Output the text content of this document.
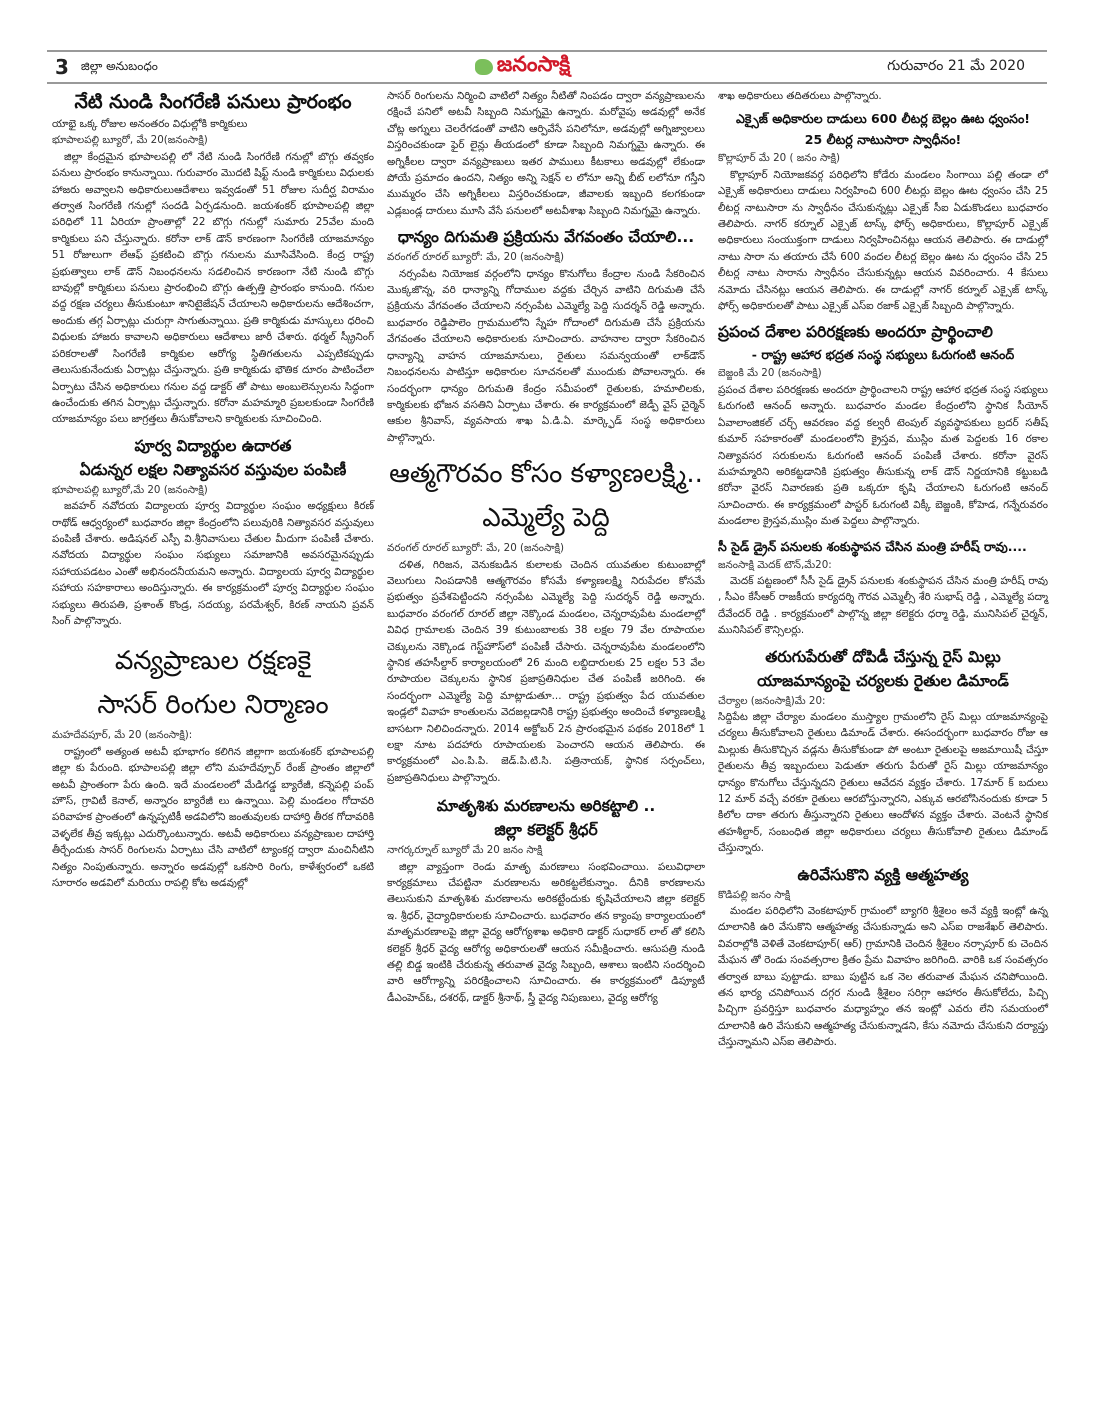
3 జిల్లా అనుబంధం	జనంసాక్షి	గురువారం 21 మే 2020
నేటి నుండి సింగరేణి పనులు ప్రారంభం
యాభై ఒక్క రోజుల అనంతరం విధుల్లోకి కార్మికులు
భూపాలపల్లి బ్యూరో, మే 20(జనంసాక్షి)

జిల్లా కేంద్రమైన భూపాలపల్లి లో నేటి నుండి సింగరేణి గనుల్లో బొగ్గు తవ్వకం పనులు ప్రారంభం కానున్నాయి. గురువారం మొదటి షిఫ్ట్ నుండి కార్మికులు విధులకు హాజరు అవ్వాలని అధికారులుఆదేశాలు ఇవ్వడంతో 51 రోజుల సుదీర్ఘ విరామం తర్వాత సింగరేణి గనుల్లో సందడి ఏర్పడనుంది. జయశంకర్ భూపాలపల్లి జిల్లా పరిధిలో 11 ఏరియా ప్రాంతాల్లో 22 బొగ్గు గనుల్లో సుమారు 25వేల మంది కార్మికులు పని చేస్తున్నారు. కరోనా లాక్ డౌన్ కారణంగా సింగరేణి యాజమాన్యం 51 రోజులుగా లేఆఫ్ ప్రకటించి బొగ్గు గనులను మూసివేసింది. కేంద్ర రాష్ట్ర ప్రభుత్వాలు లాక్ డౌన్ నిబంధనలను సడలించిన కారణంగా నేటి నుండి బొగ్గు బావుల్లో కార్మికులు పనులు ప్రారంభించి బొగ్గు ఉత్పత్తి ప్రారంభం కానుంది. గనుల వద్ద రక్షణ చర్యలు తీసుకుంటూ శానిటైజేషన్ చేయాలని అధికారులను ఆదేశించగా, అందుకు తగ్గ ఏర్పాట్లు చురుగ్గా సాగుతున్నాయి. ప్రతి కార్మికుడు మాస్కులు ధరించి విధులకు హాజరు కావాలని అధికారులు ఆదేశాలు జారీ చేశారు. థర్మల్ స్క్రీనింగ్ పరికరాలతో సింగరేణి కార్మికుల ఆరోగ్య స్థితిగతులను ఎప్పటికప్పుడు తెలుసుకునేందుకు ఏర్పాట్లు చేస్తున్నారు. ప్రతి కార్మికుడు భౌతిక దూరం పాటించేలా ఏర్పాటు చేసిన అధికారులు గనుల వద్ద డాక్టర్ తో పాటు అంబులెన్సులను సిద్ధంగా ఉంచేందుకు తగిన ఏర్పాట్లు చేస్తున్నారు. కరోనా మహమ్మారి ప్రబలకుండా సింగరేణి యాజమాన్యం పలు జాగ్రత్తలు తీసుకోవాలని కార్మికులకు సూచించింది.

పూర్వ విద్యార్థుల ఉదారత
ఏడున్నర లక్షల నిత్యావసర వస్తువుల పంపిణీ
భూపాలపల్లి బ్యూరో,మే 20 (జనంసాక్షి)

జవహర్ నవోదయ విద్యాలయ పూర్వ విద్యార్థుల సంఘం అధ్యక్షులు కిరణ్ రాథోడ్ ఆధ్వర్యంలో బుధవారం జిల్లా కేంద్రంలోని పలువురికి నిత్యావసర వస్తువులు పంపిణీ చేశారు. అడిషనల్ ఎస్పీ వి.శ్రీనివాసులు చేతుల మీదుగా పంపిణీ చేశారు. నవోదయ విద్యార్థుల సంఘం సభ్యులు సమాజానికి అవసరమైనప్పుడు సహాయపడటం ఎంతో అభినందనీయమని అన్నారు. విద్యాలయ పూర్వ విద్యార్థుల సహాయ సహకారాలు అందిస్తున్నారు. ఈ కార్యక్రమంలో పూర్వ విద్యార్థుల సంఘం సభ్యులు తిరుపతి, ప్రశాంత్ కొండ్ర, సదయ్య, పరమేశ్వర్, కిరణ్ నాయని ప్రవన్ సింగ్ పాల్గొన్నారు.

వన్యప్రాణుల రక్షణకై
సాసర్ రింగుల నిర్మాణం
మహదేవపూర్, మే 20 (జనంసాక్షి):

రాష్ట్రంలో అత్యంత అటవీ భూభాగం కలిగిన జిల్లాగా జయశంకర్ భూపాలపల్లి జిల్లా కు పేరుంది. భూపాలపల్లి జిల్లా లోని మహదేవ్పూర్ రేంజ్ ప్రాంతం జిల్లాలో అటవీ ప్రాంతంగా పేరు ఉంది. ఇదే మండలంలో మేడిగడ్డ బ్యారేజీ, కన్నెపల్లి పంప్ హౌస్, గ్రావిటీ కెనాల్, అన్నారం బ్యారేజీ లు ఉన్నాయి. పెల్లి మండలం గోదావరి పరివాహక ప్రాంతంలో ఉన్నప్పటికీ అడవిలోని జంతువులకు దాహార్తి తీరక గోదావరికి వెళ్ళలేక తీవ్ర ఇక్కట్లు ఎదుర్కొంటున్నారు. అటవీ అధికారులు వన్యప్రాణుల దాహార్తి తీర్చేందుకు సాసర్ రింగులను ఏర్పాటు చేసి వాటిలో ట్యాంకర్ల ద్వారా మంచినీటిని నిత్యం నింపుతున్నారు. అన్నారం అడవుల్లో ఒకసారి రింగు, కాళేశ్వరంలో ఒకటి సూరారం అడవిలో మరియు రాపల్లి కోట అడవుల్లో

సాసర్ రింగులను నిర్మించి వాటిలో నిత్యం నీటితో నింపడం ద్వారా వన్యప్రాణులను రక్షించే పనిలో అటవీ సిబ్బంది నిమగ్నమై ఉన్నారు. మరోవైపు అడవుల్లో అనేక చోట్ల అగ్నులు చెలరేగడంతో వాటిని ఆర్పివేసే పనిలోనూ, అడవుల్లో అగ్నిజ్వాలలు విస్తరించకుండా ఫైర్ లైన్లు తీయడంలో కూడా సిబ్బంది నిమగ్నమై ఉన్నారు. ఈ అగ్నికీలల ద్వారా వన్యప్రాణులు ఇతర పాములు కీటకాలు అడవుల్లో లేకుండా పోయే ప్రమాదం ఉందని, నిత్యం అన్ని సెక్షన్ ల లోనూ అన్ని బీట్ లలోనూ గస్తీని ముమ్మరం చేసి అగ్నికీలలు విస్తరించకుండా, జీవాలకు ఇబ్బంది కలగకుండా ఎడ్లబండ్ల దారులు మూసి వేసే పనులలో అటవీశాఖ సిబ్బంది నిమగ్నమై ఉన్నారు.

ధాన్యం దిగుమతి ప్రక్రియను వేగవంతం చేయాలి...
వరంగల్ రూరల్ బ్యూరో: మే, 20 (జనంసాక్షి)

నర్సంపేట నియోజక వర్గంలోని ధాన్యం కొనుగోలు కేంద్రాల నుండి సేకరించిన మొక్కజొన్న, వరి ధాన్యాన్ని గోదాముల వద్దకు చేర్చిన వాటిని దిగుమతి చేసే ప్రక్రియను వేగవంతం చేయాలని నర్సంపేట ఎమ్మెల్యే పెద్ది సుదర్శన్ రెడ్డి అన్నారు. బుధవారం రెడ్డిపాలెం గ్రామములోని స్నేహ గోదాంలో దిగుమతి చేసే ప్రక్రియను వేగవంతం చేయాలని అధికారులకు సూచించారు. వాహనాల ద్వారా సేకరించిన ధాన్యాన్ని వాహన యాజమానులు, రైతులు సమన్వయంతో లాక్‌డౌన్ నిబంధనలను పాటిస్తూ అధికారుల సూచనలతో ముందుకు పోవాలన్నారు. ఈ సందర్భంగా ధాన్యం దిగుమతి కేంద్రం సమీపంలో రైతులకు, హమాలిలకు, కార్మికులకు భోజన వసతిని ఏర్పాటు చేశారు. ఈ కార్యక్రమంలో జెడ్పీ వైస్ చైర్మెన్ ఆకుల శ్రీనివాస్, వ్యవసాయ శాఖ ఏ.డి.ఏ. మార్క్ఫెడ్ సంస్థ అధికారులు పాల్గొన్నారు.

ఆత్మగౌరవం కోసం కళ్యాణలక్ష్మి..
ఎమ్మెల్యే పెద్ది
వరంగల్ రూరల్ బ్యూరో: మే, 20 (జనంసాక్షి)

దళిత, గిరిజన, వెనుకబడిన కులాలకు చెందిన యువతుల కుటుంబాల్లో వెలుగులు నింపడానికి ఆత్మగౌరవం కోసమే కళ్యాణలక్ష్మి నిరుపేదల కోసమే ప్రభుత్వం ప్రవేశపెట్టిందని నర్సంపేట ఎమ్మెల్యే పెద్ది సుదర్శన్ రెడ్డి అన్నారు. బుధవారం వరంగల్ రూరల్ జిల్లా నెక్కొండ మండలం, చెన్నరావుపేట మండలాల్లో వివిధ గ్రామాలకు చెందిన 39 కుటుంబాలకు 38 లక్షల 79 వేల రూపాయల చెక్కులను నెక్కొండ గెస్ట్‌హౌస్‌లో పంపిణీ చేసారు. చెన్నరావుపేట మండలంలోని స్థానిక తహసీల్దార్ కార్యాలయంలో 26 మంది లబ్దిదారులకు 25 లక్షల 53 వేల రూపాయల చెక్కులను స్థానిక ప్రజాప్రతినిధుల చేత పంపిణీ జరిగింది. ఈ సందర్భంగా ఎమ్మెల్యే పెద్ది మాట్లాడుతూ... రాష్ట్ర ప్రభుత్వం పేద యువతుల ఇండ్లలో వివాహ కాంతులను వెదజల్లడానికి రాష్ట్ర ప్రభుత్వం అందించే కళ్యాణలక్ష్మి బాసటగా నిలిచిందన్నారు. 2014 అక్టోబర్ 2న ప్రారంభమైన పథకం 2018లో 1 లక్షా నూట పదహారు రూపాయలకు పెంచారని ఆయన తెలిపారు. ఈ కార్యక్రమంలో ఎం.పి.పి. జెడ్.పి.టి.సి. పత్రినాయక్, స్థానిక సర్పంచ్‌లు, ప్రజాప్రతినిధులు పాల్గొన్నారు.

మాతృశిశు మరణాలను అరికట్టాలి ..
జిల్లా కలెక్టర్ శ్రీధర్
నాగర్కర్నూల్ బ్యూరో మే 20 జనం సాక్షి

జిల్లా వ్యాప్తంగా రెండు మాతృ మరణాలు సంభవించాయి. పలువిధాలా కార్యక్రమాలు చేపట్టినా మరణాలను అరికట్టలేకున్నాం. దీనికి కారణాలను తెలుసుకుని మాతృశిశు మరణాలను అరికట్టేందుకు కృషిచేయాలని జిల్లా కలెక్టర్ ఇ. శ్రీధర్, వైద్యాధికారులకు సూచించారు. బుధవారం తన క్యాంపు కార్యాలయంలో మాతృమరణాలపై జిల్లా వైద్య ఆరోగ్యశాఖ అధికారి డాక్టర్ సుధాకర్ లాల్ తో కలిసి కలెక్టర్ శ్రీధర్ వైద్య ఆరోగ్య అధికారులతో ఆయన సమీక్షించారు. ఆసుపత్రి నుండి తల్లి బిడ్డ ఇంటికి చేరుకున్న తరువాత వైద్య సిబ్బంది, ఆశాలు ఇంటిని సందర్శించి వారి ఆరోగ్యాన్ని పరిరక్షించాలని సూచించారు. ఈ కార్యక్రమంలో డిప్యూటీ డీఎంహెచ్‌ఓ, దశరథ్, డాక్టర్ శ్రీనాథ్, స్త్రీ వైద్య నిపుణులు, వైద్య ఆరోగ్య

శాఖ అధికారులు తదితరులు పాల్గొన్నారు.

ఎక్సైజ్ అధికారుల దాడులు 600 లీటర్ల బెల్లం ఊట ధ్వంసం!
25 లీటర్ల నాటుసారా స్వాధీనం!
కొల్లాపూర్ మే 20 ( జనం సాక్షి)

కొల్లాపూర్ నియోజకవర్గ పరిధిలోని కోడేరు మండలం సింగాయి పల్లి తండా లో ఎక్సైజ్ అధికారులు దాడులు నిర్వహించి 600 లీటర్లు బెల్లం ఊట ధ్వంసం చేసి 25 లీటర్ల నాటుసారా ను స్వాధీనం చేసుకున్నట్లు ఎక్సైజ్ సీఐ ఏడుకొండలు బుధవారం తెలిపారు. నాగర్ కర్నూల్ ఎక్సైజ్ టాస్క్ ఫోర్స్ అధికారులు, కొల్లాపూర్ ఎక్సైజ్ అధికారులు సంయుక్తంగా దాడులు నిర్వహించినట్లు ఆయన తెలిపారు. ఈ దాడుల్లో నాటు సారా ను తయారు చేసే 600 వందల లీటర్ల బెల్లం ఊట ను ధ్వంసం చేసి 25 లీటర్ల నాటు సారాను స్వాధీనం చేసుకున్నట్లు ఆయన వివరించారు. 4 కేసులు నమోదు చేసినట్లు ఆయన తెలిపారు. ఈ దాడుల్లో నాగర్ కర్నూల్ ఎక్సైజ్ టాస్క్ ఫోర్స్ అధికారులతో పాటు ఎక్సైజ్ ఎస్ఐ రజాక్ ఎక్సైజ్ సిబ్బంది పాల్గొన్నారు.

ప్రపంచ దేశాల పరిరక్షణకు అందరూ ప్రార్థించాలి
- రాష్ట్ర ఆహార భద్రత సంస్థ సభ్యులు ఓరుగంటి ఆనంద్
బెజ్జంకి మే 20 (జనంసాక్షి)

ప్రపంచ దేశాల పరిరక్షణకు అందరూ ప్రార్థించాలని రాష్ట్ర ఆహార భద్రత సంస్థ సభ్యులు ఓరుగంటి ఆనంద్ అన్నారు. బుధవారం మండల కేంద్రంలోని స్థానిక సీయోన్ ఏవాలాంజికల్ చర్చ్ ఆవరణం వద్ద కల్వరీ టెంపుల్ వ్యవస్థాపకులు బ్రదర్ సతీష్ కుమార్ సహకారంతో మండలంలోని క్రైస్తవ, ముస్లిం మత పెద్దలకు 16 రకాల నిత్యావసర సరుకులను ఓరుగంటి ఆనంద్ పంపిణీ చేశారు. కరోనా వైరస్ మహమ్మారిని అరికట్టడానికి ప్రభుత్వం తీసుకున్న లాక్ డౌన్ నిర్ణయానికి కట్టుబడి కరోనా వైరస్ నివారణకు ప్రతి ఒక్కరూ కృషి చేయాలని ఓరుగంటి ఆనంద్ సూచించారు. ఈ కార్యక్రమంలో పాస్టర్ ఓరుగంటి విక్కీ బెజ్జంకి, కోహెడ, గన్నేరువరం మండలాల క్రైస్తవ,ముస్లిం మత పెద్దలు పాల్గొన్నారు.

సీ సైడ్ డ్రైన్ పనులకు శంకుస్థాపన చేసిన మంత్రి హరీష్ రావు....
జనంసాక్షి మెదక్ టౌన్,మే20:

మెదక్ పట్టణంలో సీసీ సైడ్ డ్రైన్ పనులకు శంకుస్థాపన చేసిన మంత్రి హరీష్ రావు , సీఎం కేసీఆర్ రాజకీయ కార్యదర్శి గౌరవ ఎమ్మెల్సీ శేరి సుభాష్ రెడ్డి , ఎమ్మెల్యే పద్మా దేవేందర్ రెడ్డి . కార్యక్రమంలో పాల్గొన్న జిల్లా కలెక్టరు ధర్మా రెడ్డి, మునిసిపల్ చైర్మన్, మునిసిపల్ కౌన్సిలర్లు.

తరుగుపేరుతో దోపిడీ చేస్తున్న రైస్ మిల్లు
యాజమాన్యంపై చర్యలకు రైతుల డిమాండ్
చేర్యాల (జనంసాక్షి)మే 20:

సిద్దిపేట జిల్లా చేర్యాల మండలం ముస్త్యాల గ్రామంలోని రైస్ మిల్లు యాజమాన్యంపై చర్యలు తీసుకోవాలని రైతులు డిమాండ్ చేశారు. ఈసందర్భంగా బుధవారం రోజు ఆ మిల్లుకు తీసుకొచ్చిన వడ్లను తీసుకోకుండా పో అంటూ రైతులపై అజమాయిషీ చేస్తూ రైతులను తీవ్ర ఇబ్బందులు పెడుతూ తరుగు పేరుతో రైస్ మిల్లు యాజమాన్యం ధాన్యం కొనుగోలు చేస్తున్నదని రైతులు ఆవేదన వ్యక్తం చేశారు. 17మార్ క్ బదులు 12 మార్ వచ్చే వరకూ రైతులు ఆరబోస్తున్నారని, ఎక్కువ ఆరబోసినందుకు కూడా 5 కిలోల దాకా తరుగు తీస్తున్నారని రైతులు ఆందోళన వ్యక్తం చేశారు. వెంటనే స్థానిక తహశీల్దార్, సంబంధిత జిల్లా అధికారులు చర్యలు తీసుకోవాలి రైతులు డిమాండ్ చేస్తున్నారు.

ఉరివేసుకొని వ్యక్తి ఆత్మహత్య
కొడిపల్లి జనం సాక్షి

మండల పరిధిలోని వెంకటాపూర్ గ్రామంలో బ్యాగరి శ్రీశైలం అనే వ్యక్తి ఇంట్లో ఉన్న దూలానికి ఉరి వేసుకొని ఆత్మహత్య చేసుకున్నాడు అని ఎస్ఐ రాజశేఖర్ తెలిపారు. వివరాల్లోకి వెళితే వెంకటాపూర్( ఆర్) గ్రామానికి చెందిన శ్రీశైలం నర్సాపూర్ కు చెందిన మేఘన తో రెండు సంవత్సరాల క్రితం ప్రేమ వివాహం జరిగింది. వారికి ఒక సంవత్సరం తర్వాత బాబు పుట్టాడు. బాబు పుట్టిన ఒక నెల తరువాత మేఘన చనిపోయింది. తన భార్య చనిపోయిన దగ్గర నుండి శ్రీశైలం సరిగ్గా ఆహారం తీసుకోలేదు, పిచ్చి పిచ్చిగా ప్రవర్తిస్తూ బుధవారం మధ్యాహ్నం తన ఇంట్లో ఎవరు లేని సమయంలో దూలానికి ఉరి వేసుకుని ఆత్మహత్య చేసుకున్నాడని, కేసు నమోదు చేసుకుని దర్యాప్తు చేస్తున్నామని ఎస్ఐ తెలిపారు.
